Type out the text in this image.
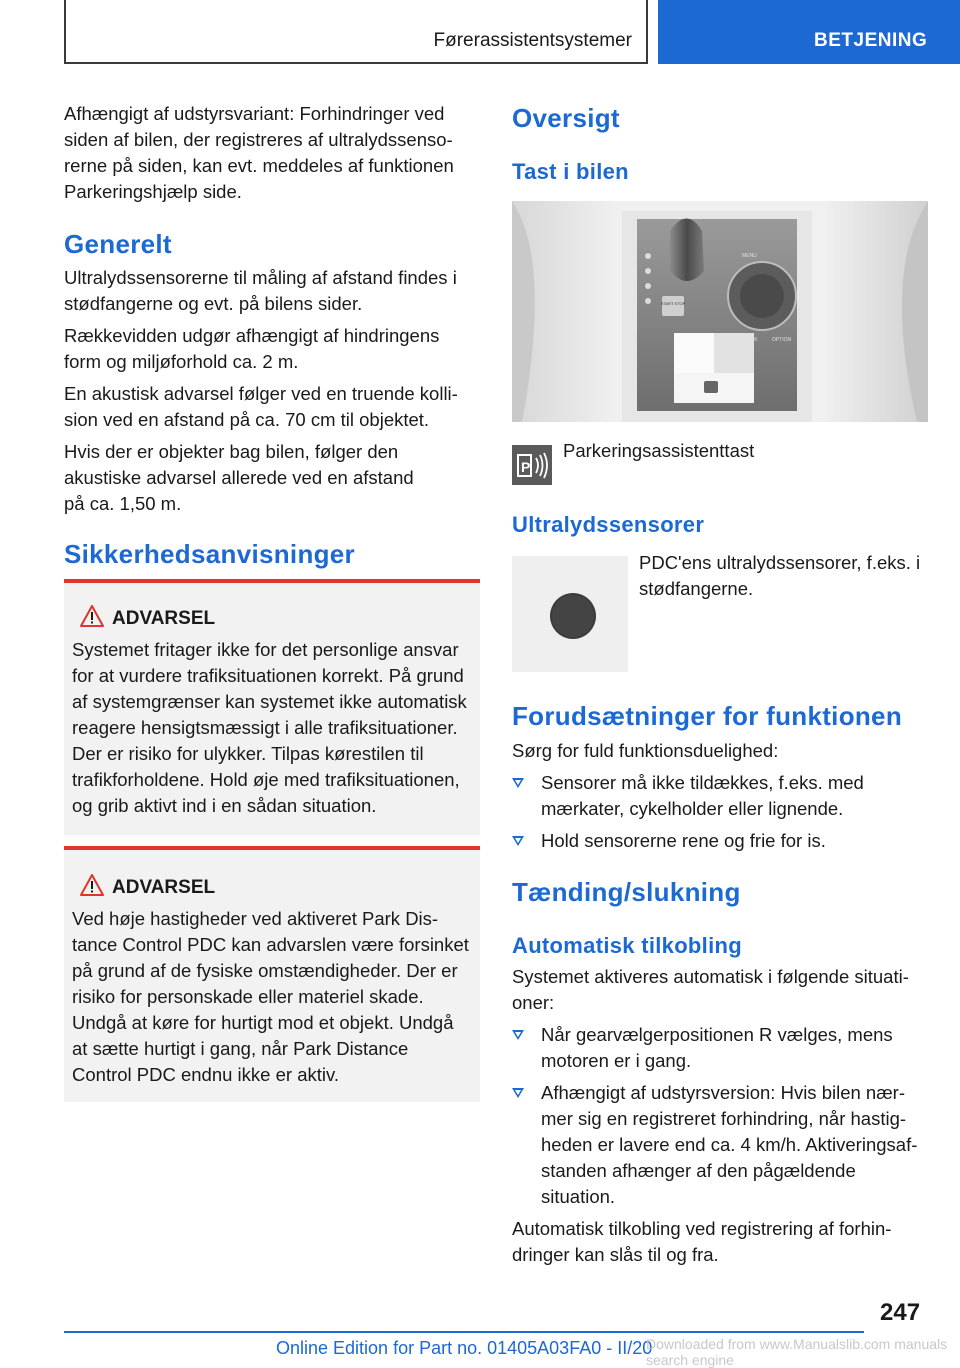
Førerassistentsystemer	BETJENING

Afhængigt af udstyrsvariant: Forhindringer ved siden af bilen, der registreres af ultralydssensorerne på siden, kan evt. meddeles af funktionen Parkeringshjælp side.

Generelt

Ultralydssensorerne til måling af afstand findes i stødfangerne og evt. på bilens sider.

Rækkevidden udgør afhængigt af hindringens form og miljøforhold ca. 2 m.

En akustisk advarsel følger ved en truende kollision ved en afstand på ca. 70 cm til objektet.

Hvis der er objekter bag bilen, følger den akustiske advarsel allerede ved en afstand på ca. 1,50 m.

Sikkerhedsanvisninger
ADVARSEL

Systemet fritager ikke for det personlige ansvar for at vurdere trafiksituationen korrekt. På grund af systemgrænser kan systemet ikke automatisk reagere hensigtsmæssigt i alle trafiksituationer. Der er risiko for ulykker. Tilpas kørestilen til trafikforholdene. Hold øje med trafiksituationen, og grib aktivt ind i en sådan situation.

ADVARSEL

Ved høje hastigheder ved aktiveret Park Distance Control PDC kan advarslen være forsinket på grund af de fysiske omstændigheder. Der er risiko for personskade eller materiel skade. Undgå at køre for hurtigt mod et objekt. Undgå at sætte hurtigt i gang, når Park Distance Control PDC endnu ikke er aktiv.

Oversigt
Tast i bilen
START STOP
MENU
BACK	OPTION
P
Parkeringsassistenttast
Ultralydssensorer

PDC'ens ultralydssensorer, f.eks. i stødfangerne.

Forudsætninger for funktionen

Sørg for fuld funktionsduelighed:

Sensorer må ikke tildækkes, f.eks. med mærkater, cykelholder eller lignende.
Hold sensorerne rene og frie for is.
Tænding/slukning
Automatisk tilkobling

Systemet aktiveres automatisk i følgende situationer:

Når gearvælgerpositionen R vælges, mens motoren er i gang.
Afhængigt af udstyrsversion: Hvis bilen nærmer sig en registreret forhindring, når hastigheden er lavere end ca. 4 km/h. Aktiveringsafstanden afhænger af den pågældende situation.

Automatisk tilkobling ved registrering af forhindringer kan slås til og fra.

247
Online Edition for Part no. 01405A03FA0 - II/20
Downloaded from www.Manualslib.com manuals search engine
